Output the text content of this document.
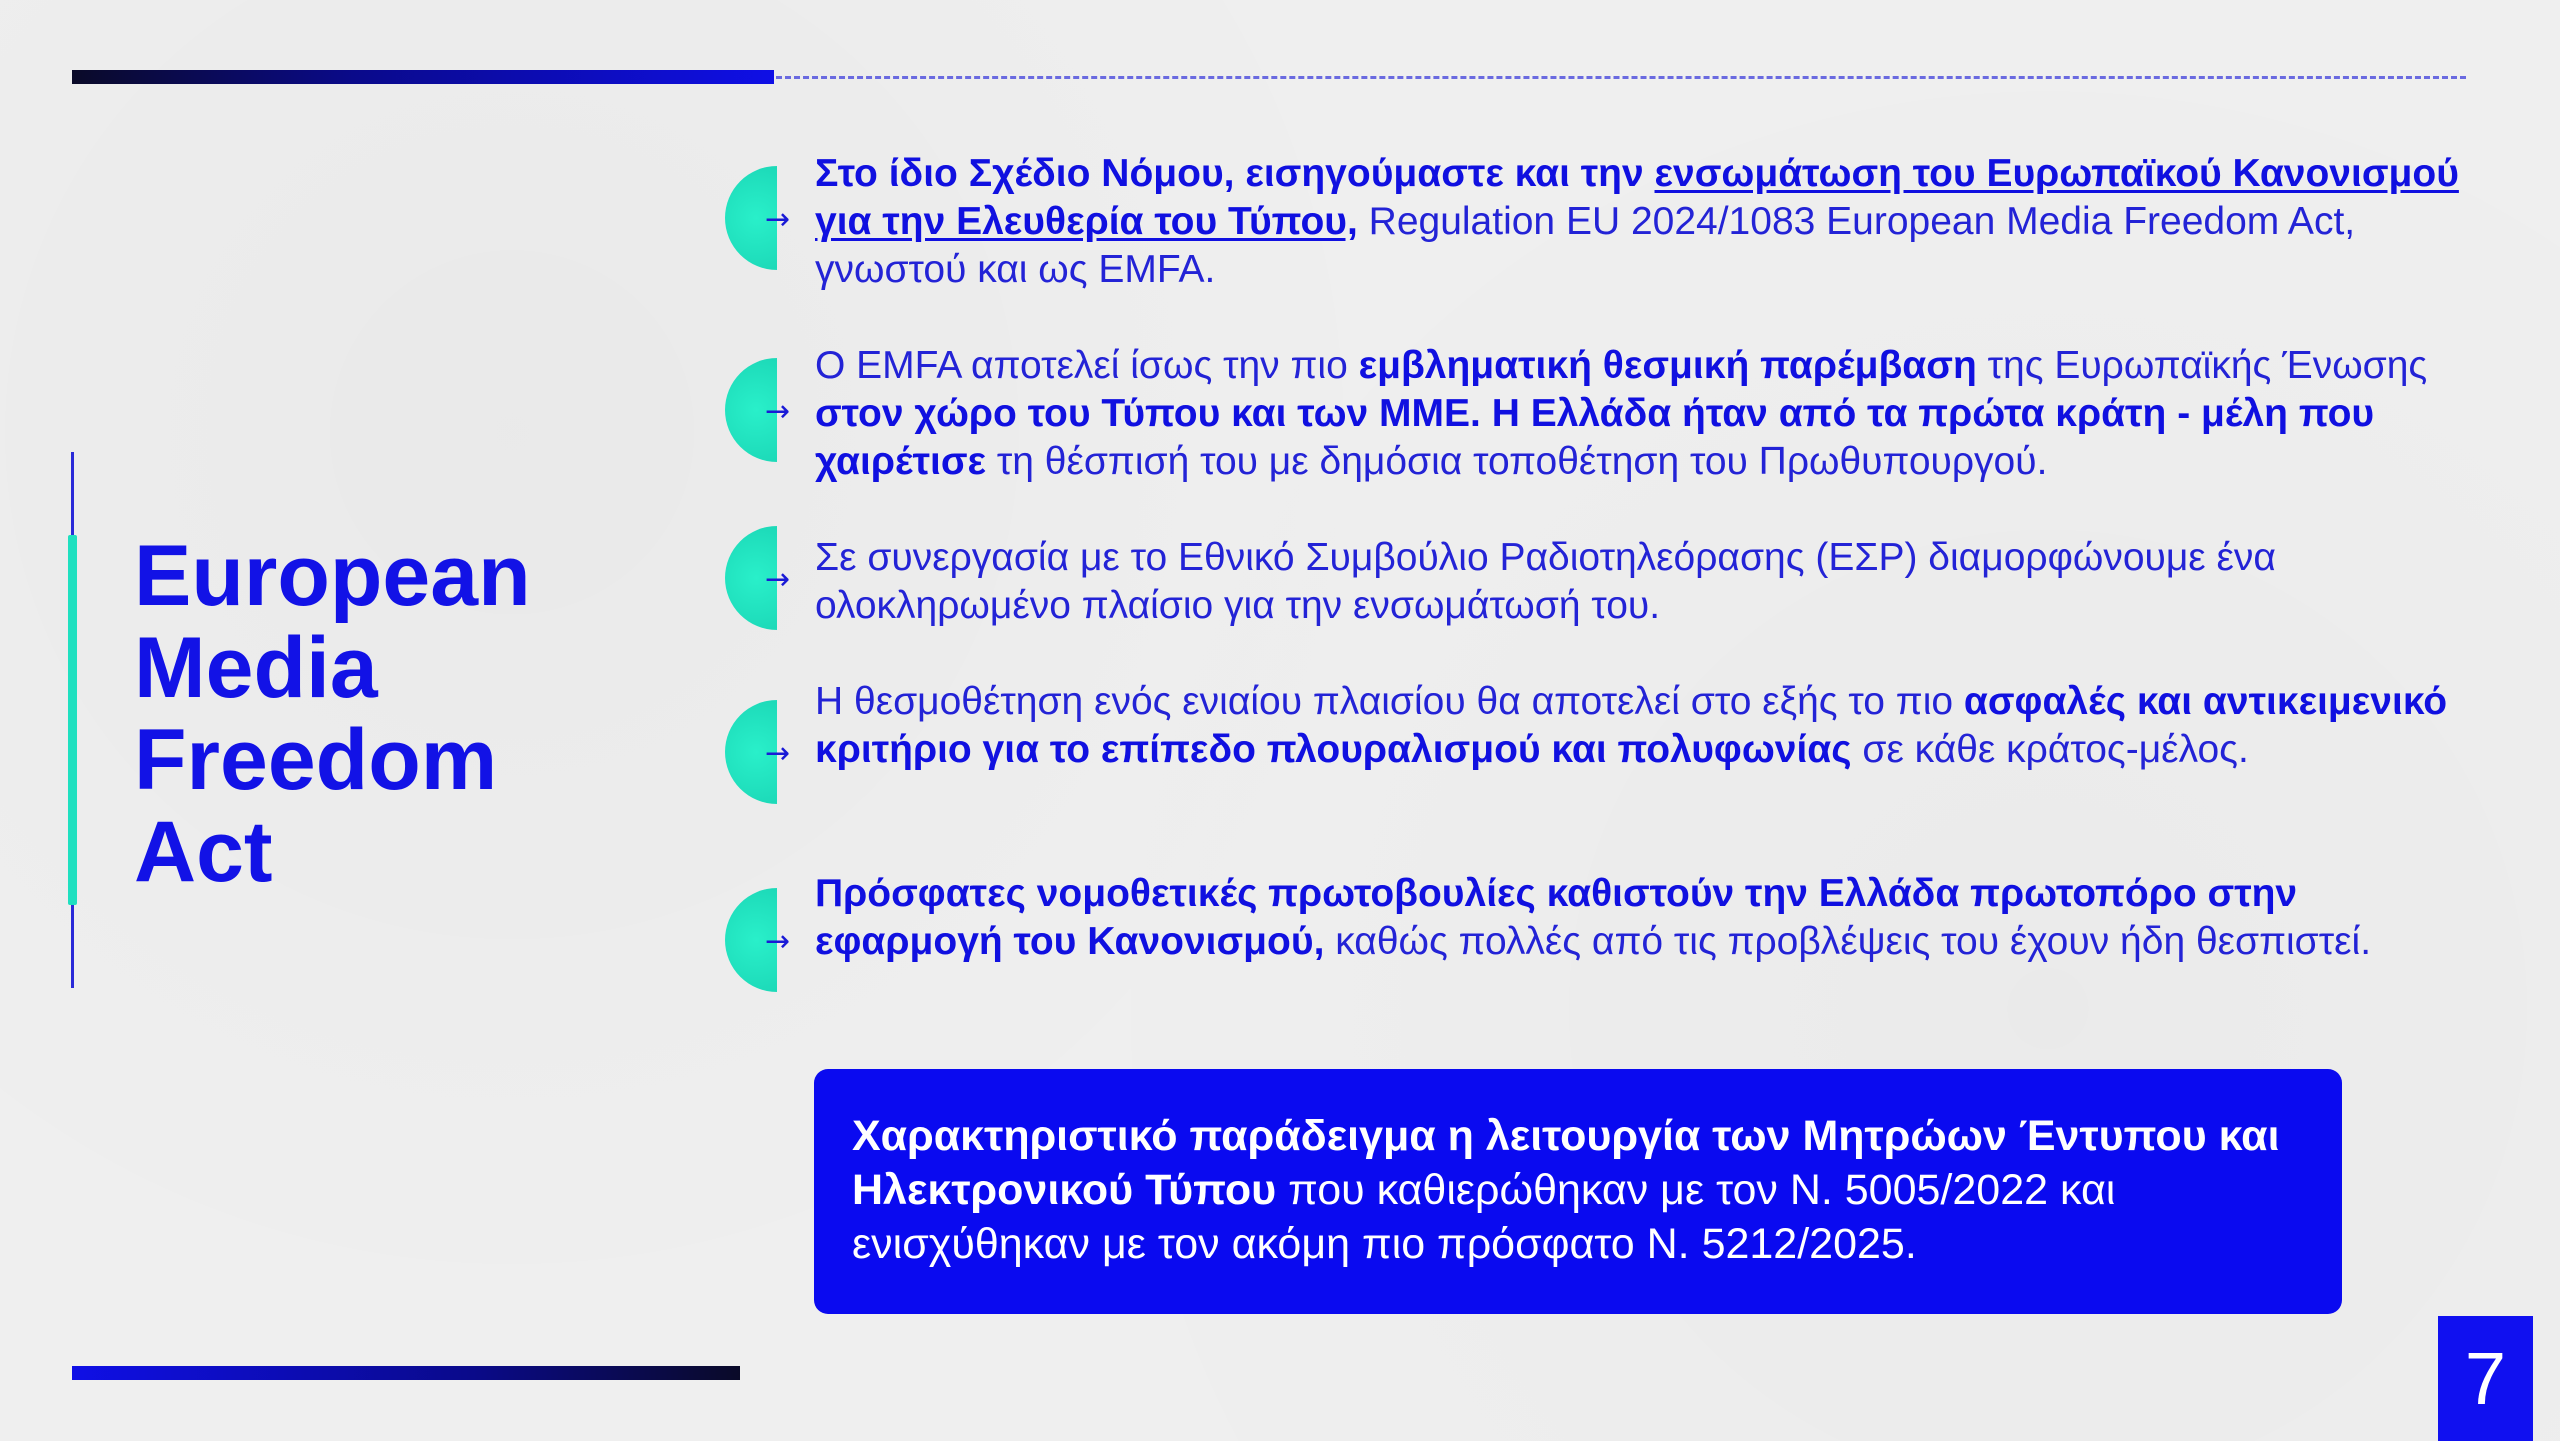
European
Media
Freedom
Act
→
Στο ίδιο Σχέδιο Νόμου, εισηγούμαστε και την ενσωμάτωση του Ευρωπαϊκού Κανονισμού για την Ελευθερία του Τύπου, Regulation EU 2024/1083 European Media Freedom Act, γνωστού και ως EMFA.
→
Ο EMFA αποτελεί ίσως την πιο εμβληματική θεσμική παρέμβαση της Ευρωπαϊκής Ένωσης στον χώρο του Τύπου και των ΜΜΕ. Η Ελλάδα ήταν από τα πρώτα κράτη - μέλη που χαιρέτισε τη θέσπισή του με δημόσια τοποθέτηση του Πρωθυπουργού.
→
Σε συνεργασία με το Εθνικό Συμβούλιο Ραδιοτηλεόρασης (ΕΣΡ) διαμορφώνουμε ένα ολοκληρωμένο πλαίσιο για την ενσωμάτωσή του.
→
Η θεσμοθέτηση ενός ενιαίου πλαισίου θα αποτελεί στο εξής το πιο ασφαλές και αντικειμενικό κριτήριο για το επίπεδο πλουραλισμού και πολυφωνίας σε κάθε κράτος-μέλος.
→
Πρόσφατες νομοθετικές πρωτοβουλίες καθιστούν την Ελλάδα πρωτοπόρο στην εφαρμογή του Κανονισμού, καθώς πολλές από τις προβλέψεις του έχουν ήδη θεσπιστεί.
Χαρακτηριστικό παράδειγμα η λειτουργία των Μητρώων Έντυπου και Ηλεκτρονικού Τύπου που καθιερώθηκαν με τον Ν. 5005/2022 και ενισχύθηκαν με τον ακόμη πιο πρόσφατο Ν. 5212/2025.
7
